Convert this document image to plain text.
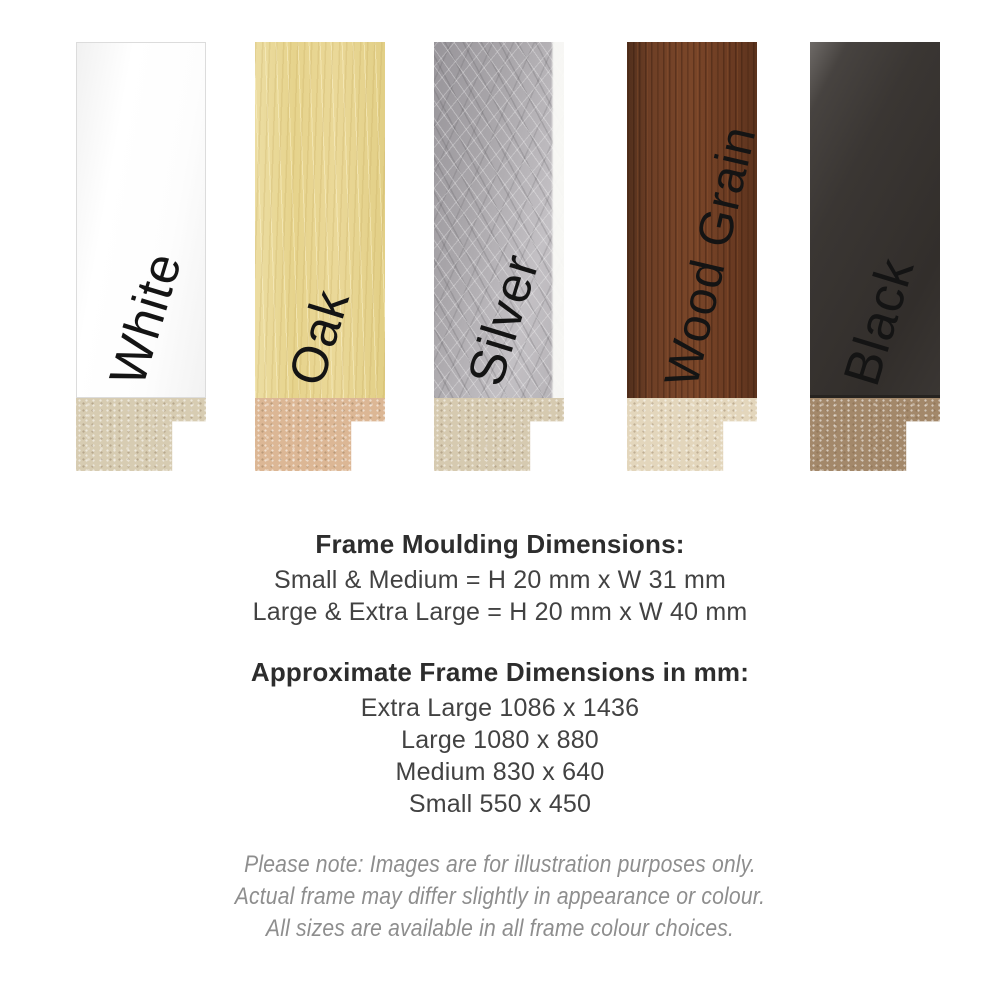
White Oak Silver Wood Grain Black
Frame Moulding Dimensions:

Small & Medium = H 20 mm x W 31 mm

Large & Extra Large = H 20 mm x W 40 mm

Approximate Frame Dimensions in mm:

Extra Large 1086 x 1436

Large 1080 x 880

Medium 830 x 640

Small 550 x 450

Please note: Images are for illustration purposes only.

Actual frame may differ slightly in appearance or colour.

All sizes are available in all frame colour choices.
